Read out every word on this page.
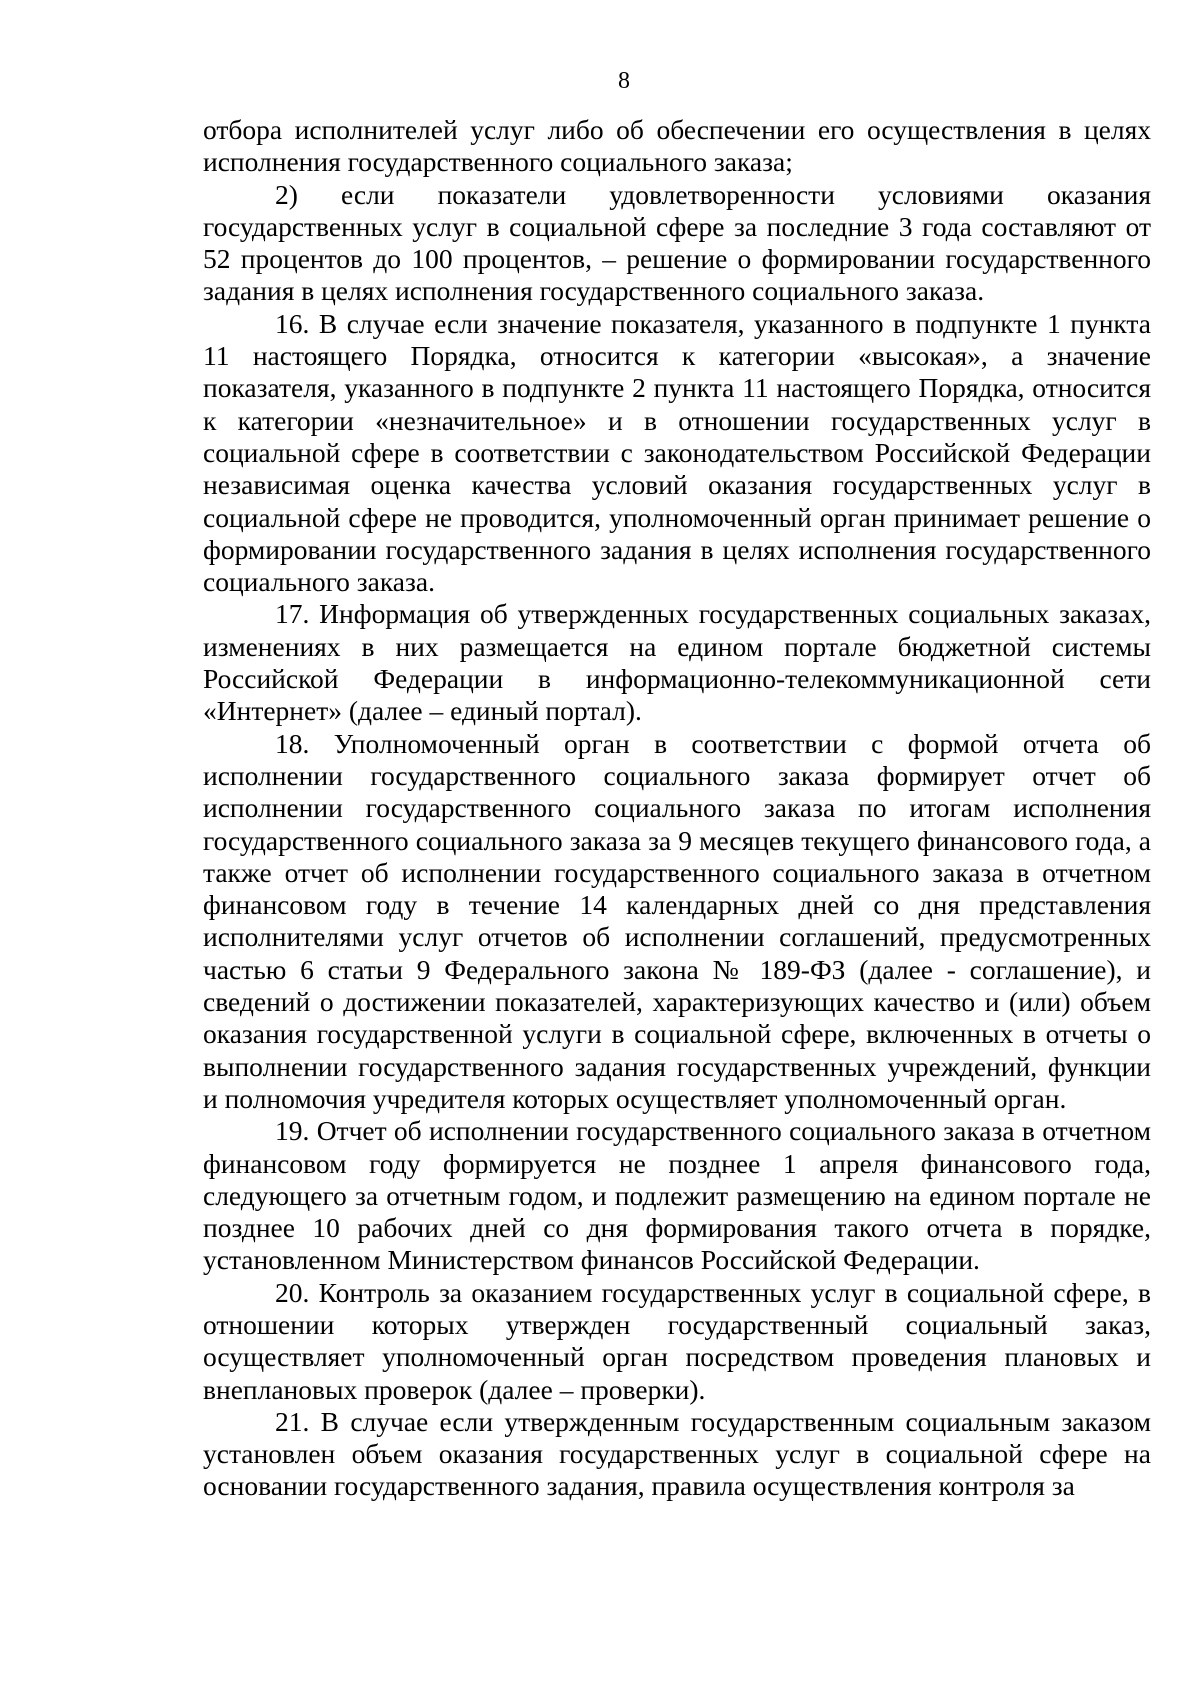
8

отбора исполнителей услуг либо об обеспечении его осуществления в целях исполнения государственного социального заказа;

2) если показатели удовлетворенности условиями оказания государственных услуг в социальной сфере за последние 3 года составляют от 52 процентов до 100 процентов, – решение о формировании государственного задания в целях исполнения государственного социального заказа.

16. В случае если значение показателя, указанного в подпункте 1 пункта 11 настоящего Порядка, относится к категории «высокая», а значение показателя, указанного в подпункте 2 пункта 11 настоящего Порядка, относится к категории «незначительное» и в отношении государственных услуг в социальной сфере в соответствии с законодательством Российской Федерации независимая оценка качества условий оказания государственных услуг в социальной сфере не проводится, уполномоченный орган принимает решение о формировании государственного задания в целях исполнения государственного социального заказа.

17. Информация об утвержденных государственных социальных заказах, изменениях в них размещается на едином портале бюджетной системы Российской Федерации в информационно-телекоммуникационной сети «Интернет» (далее – единый портал).

18. Уполномоченный орган в соответствии с формой отчета об исполнении государственного социального заказа формирует отчет об исполнении государственного социального заказа по итогам исполнения государственного социального заказа за 9 месяцев текущего финансового года, а также отчет об исполнении государственного социального заказа в отчетном финансовом году в течение 14 календарных дней со дня представления исполнителями услуг отчетов об исполнении соглашений, предусмотренных частью 6 статьи 9 Федерального закона № 189-ФЗ (далее - соглашение), и сведений о достижении показателей, характеризующих качество и (или) объем оказания государственной услуги в социальной сфере, включенных в отчеты о выполнении государственного задания государственных учреждений, функции и полномочия учредителя которых осуществляет уполномоченный орган.

19. Отчет об исполнении государственного социального заказа в отчетном финансовом году формируется не позднее 1 апреля финансового года, следующего за отчетным годом, и подлежит размещению на едином портале не позднее 10 рабочих дней со дня формирования такого отчета в порядке, установленном Министерством финансов Российской Федерации.

20. Контроль за оказанием государственных услуг в социальной сфере, в отношении которых утвержден государственный социальный заказ, осуществляет уполномоченный орган посредством проведения плановых и внеплановых проверок (далее – проверки).

21. В случае если утвержденным государственным социальным заказом установлен объем оказания государственных услуг в социальной сфере на основании государственного задания, правила осуществления контроля за
